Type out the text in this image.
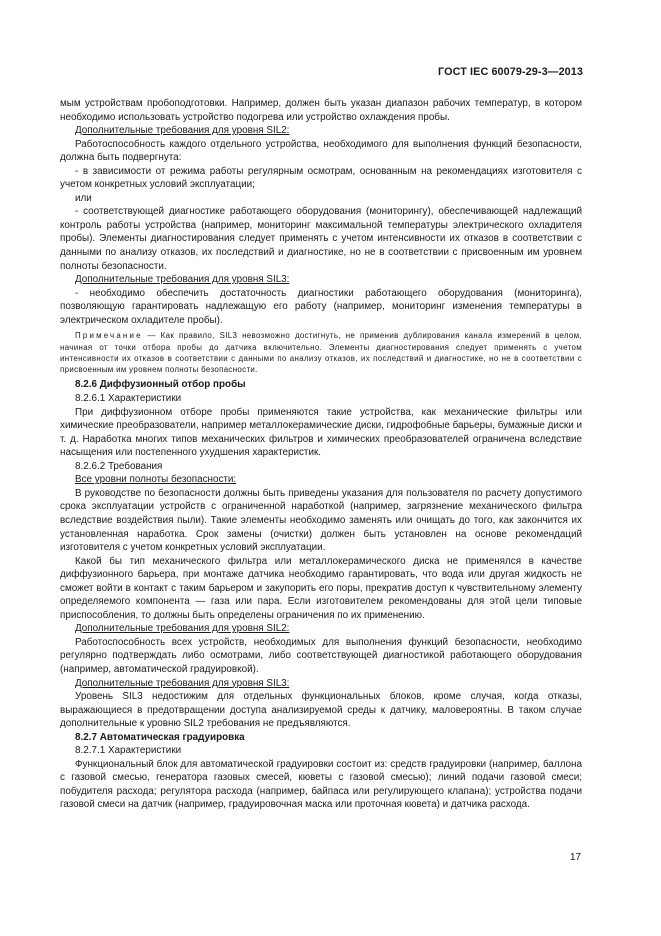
ГОСТ IEC 60079-29-3—2013

мым устройствам пробоподготовки. Например, должен быть указан диапазон рабочих температур, в котором необходимо использовать устройство подогрева или устройство охлаждения пробы.

Дополнительные требования для уровня SIL2:

Работоспособность каждого отдельного устройства, необходимого для выполнения функций безопасности, должна быть подвергнута:

- в зависимости от режима работы регулярным осмотрам, основанным на рекомендациях изготовителя с учетом конкретных условий эксплуатации;

или

- соответствующей диагностике работающего оборудования (мониторингу), обеспечивающей надлежащий контроль работы устройства (например, мониторинг максимальной температуры электрического охладителя пробы). Элементы диагностирования следует применять с учетом интенсивности их отказов в соответствии с данными по анализу отказов, их последствий и диагностике, но не в соответствии с присвоенным им уровнем полноты безопасности.

Дополнительные требования для уровня SIL3:

- необходимо обеспечить достаточность диагностики работающего оборудования (мониторинга), позволяющую гарантировать надлежащую его работу (например, мониторинг изменения температуры в электрическом охладителе пробы).

Примечание — Как правило, SIL3 невозможно достигнуть, не применив дублирования канала измерений в целом, начиная от точки отбора пробы до датчика включительно. Элементы диагностирования следует применять с учетом интенсивности их отказов в соответствии с данными по анализу отказов, их последствий и диагностике, но не в соответствии с присвоенным им уровнем полноты безопасности.

8.2.6 Диффузионный отбор пробы

8.2.6.1 Характеристики

При диффузионном отборе пробы применяются такие устройства, как механические фильтры или химические преобразователи, например металлокерамические диски, гидрофобные барьеры, бумажные диски и т. д. Наработка многих типов механических фильтров и химических преобразователей ограничена вследствие насыщения или постепенного ухудшения характеристик.

8.2.6.2 Требования

Все уровни полноты безопасности:

В руководстве по безопасности должны быть приведены указания для пользователя по расчету допустимого срока эксплуатации устройств с ограниченной наработкой (например, загрязнение механического фильтра вследствие воздействия пыли). Такие элементы необходимо заменять или очищать до того, как закончится их установленная наработка. Срок замены (очистки) должен быть установлен на основе рекомендаций изготовителя с учетом конкретных условий эксплуатации.

Какой бы тип механического фильтра или металлокерамического диска не применялся в качестве диффузионного барьера, при монтаже датчика необходимо гарантировать, что вода или другая жидкость не сможет войти в контакт с таким барьером и закупорить его поры, прекратив доступ к чувствительному элементу определяемого компонента — газа или пара. Если изготовителем рекомендованы для этой цели типовые приспособления, то должны быть определены ограничения по их применению.

Дополнительные требования для уровня SIL2:

Работоспособность всех устройств, необходимых для выполнения функций безопасности, необходимо регулярно подтверждать либо осмотрами, либо соответствующей диагностикой работающего оборудования (например, автоматической градуировкой).

Дополнительные требования для уровня SIL3:

Уровень SIL3 недостижим для отдельных функциональных блоков, кроме случая, когда отказы, выражающиеся в предотвращении доступа анализируемой среды к датчику, маловероятны. В таком случае дополнительные к уровню SIL2 требования не предъявляются.

8.2.7 Автоматическая градуировка

8.2.7.1 Характеристики

Функциональный блок для автоматической градуировки состоит из: средств градуировки (например, баллона с газовой смесью, генератора газовых смесей, кюветы с газовой смесью); линий подачи газовой смеси; побудителя расхода; регулятора расхода (например, байпаса или регулирующего клапана); устройства подачи газовой смеси на датчик (например, градуировочная маска или проточная кювета) и датчика расхода.

17
